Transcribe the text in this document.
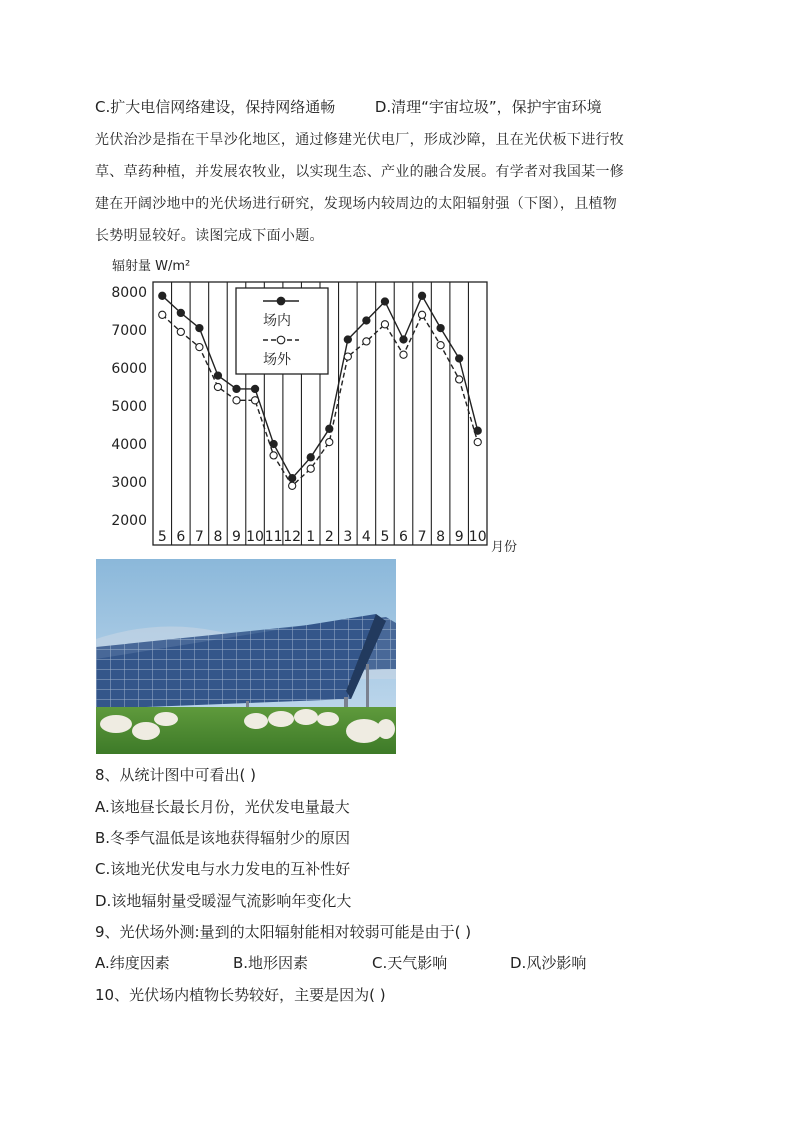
C.扩大电信网络建设，保持网络通畅	D.清理“宇宙垃圾”，保护宇宙环境
光伏治沙是指在干旱沙化地区，通过修建光伏电厂，形成沙障，且在光伏板下进行牧
草、草药种植，并发展农牧业，以实现生态、产业的融合发展。有学者对我国某一修
建在开阔沙地中的光伏场进行研究，发现场内较周边的太阳辐射强（下图），且植物
长势明显较好。读图完成下面小题。
辐射量 W/m²
2000
3000
4000
5000
6000
7000
8000
5 6 7 8 9 10 11 12 1 2 3 4 5 6 7 8 9 10
场内
场外
月份
8、从统计图中可看出( )
A.该地昼长最长月份，光伏发电量最大
B.冬季气温低是该地获得辐射少的原因
C.该地光伏发电与水力发电的互补性好
D.该地辐射量受暖湿气流影响年变化大
9、光伏场外测:量到的太阳辐射能相对较弱可能是由于( )
A.纬度因素	B.地形因素	C.天气影响	D.风沙影响
10、光伏场内植物长势较好，主要是因为( )
